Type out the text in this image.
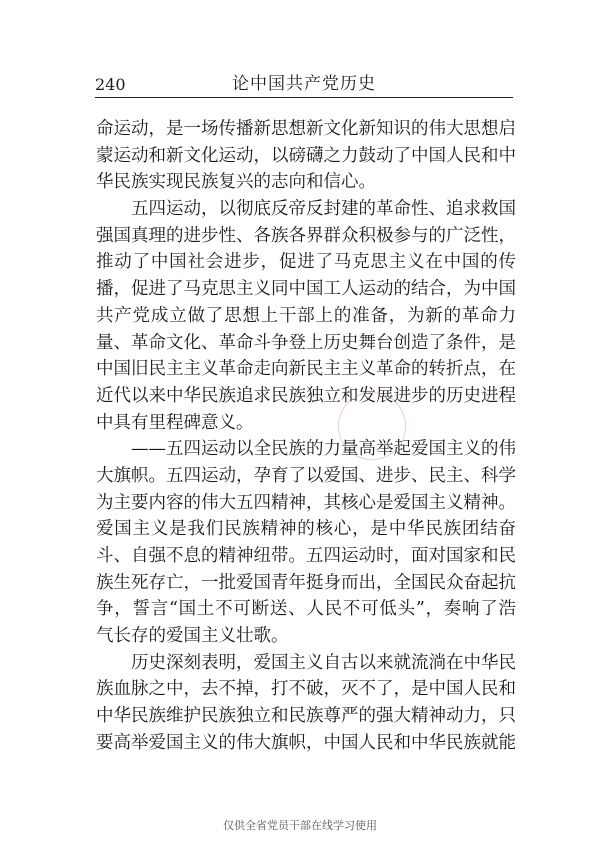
240	论中国共产党历史
命运动，是一场传播新思想新文化新知识的伟大思想启
蒙运动和新文化运动，以磅礴之力鼓动了中国人民和中
华民族实现民族复兴的志向和信心。
五四运动，以彻底反帝反封建的革命性、追求救国
强国真理的进步性、各族各界群众积极参与的广泛性，
推动了中国社会进步，促进了马克思主义在中国的传
播，促进了马克思主义同中国工人运动的结合，为中国
共产党成立做了思想上干部上的准备，为新的革命力
量、革命文化、革命斗争登上历史舞台创造了条件，是
中国旧民主主义革命走向新民主主义革命的转折点，在
近代以来中华民族追求民族独立和发展进步的历史进程
中具有里程碑意义。
——五四运动以全民族的力量高举起爱国主义的伟
大旗帜。五四运动，孕育了以爱国、进步、民主、科学
为主要内容的伟大五四精神，其核心是爱国主义精神。
爱国主义是我们民族精神的核心，是中华民族团结奋
斗、自强不息的精神纽带。五四运动时，面对国家和民
族生死存亡，一批爱国青年挺身而出，全国民众奋起抗
争，誓言“国土不可断送、人民不可低头”，奏响了浩
气长存的爱国主义壮歌。
历史深刻表明，爱国主义自古以来就流淌在中华民
族血脉之中，去不掉，打不破，灭不了，是中国人民和
中华民族维护民族独立和民族尊严的强大精神动力，只
要高举爱国主义的伟大旗帜，中国人民和中华民族就能
仅供全省党员干部在线学习使用
